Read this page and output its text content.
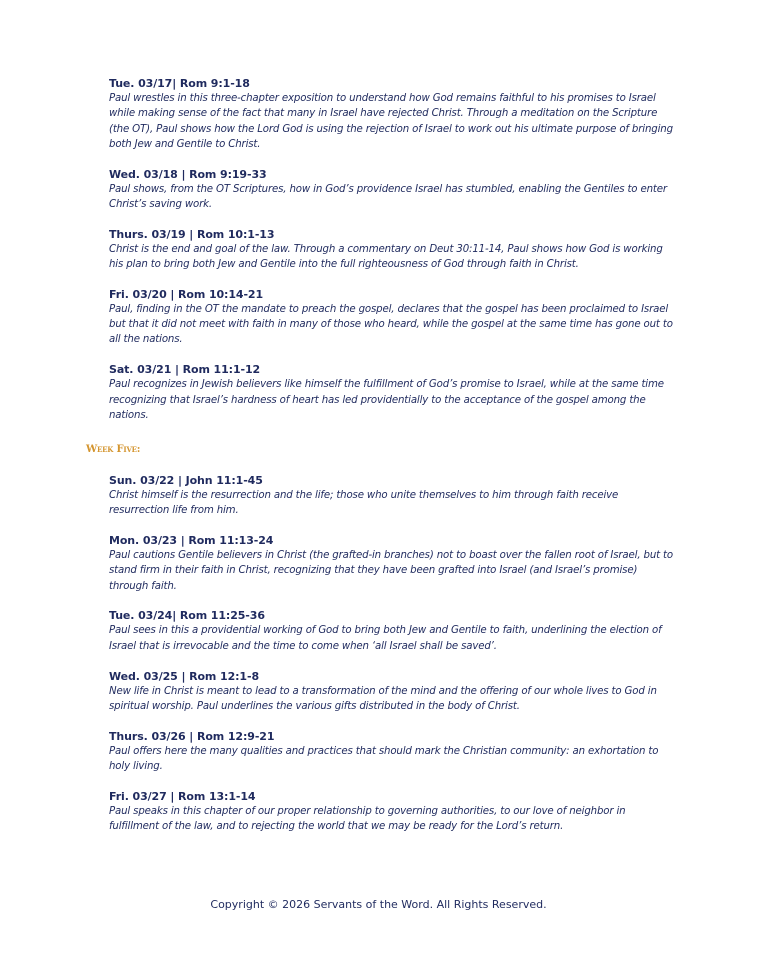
Tue. 03/17| Rom 9:1-18

Paul wrestles in this three-chapter exposition to understand how God remains faithful to his promises to Israel while making sense of the fact that many in Israel have rejected Christ. Through a meditation on the Scripture (the OT), Paul shows how the Lord God is using the rejection of Israel to work out his ultimate purpose of bringing both Jew and Gentile to Christ.

Wed. 03/18 | Rom 9:19-33

Paul shows, from the OT Scriptures, how in God’s providence Israel has stumbled, enabling the Gentiles to enter Christ’s saving work.

Thurs. 03/19 | Rom 10:1-13

Christ is the end and goal of the law. Through a commentary on Deut 30:11-14, Paul shows how God is working his plan to bring both Jew and Gentile into the full righteousness of God through faith in Christ.

Fri. 03/20 | Rom 10:14-21

Paul, finding in the OT the mandate to preach the gospel, declares that the gospel has been proclaimed to Israel but that it did not meet with faith in many of those who heard, while the gospel at the same time has gone out to all the nations.

Sat. 03/21 | Rom 11:1-12

Paul recognizes in Jewish believers like himself the fulfillment of God’s promise to Israel, while at the same time recognizing that Israel’s hardness of heart has led providentially to the acceptance of the gospel among the nations.

Week Five:

Sun. 03/22 | John 11:1-45

Christ himself is the resurrection and the life; those who unite themselves to him through faith receive resurrection life from him.

Mon. 03/23 | Rom 11:13-24

Paul cautions Gentile believers in Christ (the grafted-in branches) not to boast over the fallen root of Israel, but to stand firm in their faith in Christ, recognizing that they have been grafted into Israel (and Israel’s promise) through faith.

Tue. 03/24| Rom 11:25-36

Paul sees in this a providential working of God to bring both Jew and Gentile to faith, underlining the election of Israel that is irrevocable and the time to come when ‘all Israel shall be saved’.

Wed. 03/25 | Rom 12:1-8

New life in Christ is meant to lead to a transformation of the mind and the offering of our whole lives to God in spiritual worship. Paul underlines the various gifts distributed in the body of Christ.

Thurs. 03/26 | Rom 12:9-21

Paul offers here the many qualities and practices that should mark the Christian community: an exhortation to holy living.

Fri. 03/27 | Rom 13:1-14

Paul speaks in this chapter of our proper relationship to governing authorities, to our love of neighbor in fulfillment of the law, and to rejecting the world that we may be ready for the Lord’s return.

Copyright © 2026 Servants of the Word. All Rights Reserved.
